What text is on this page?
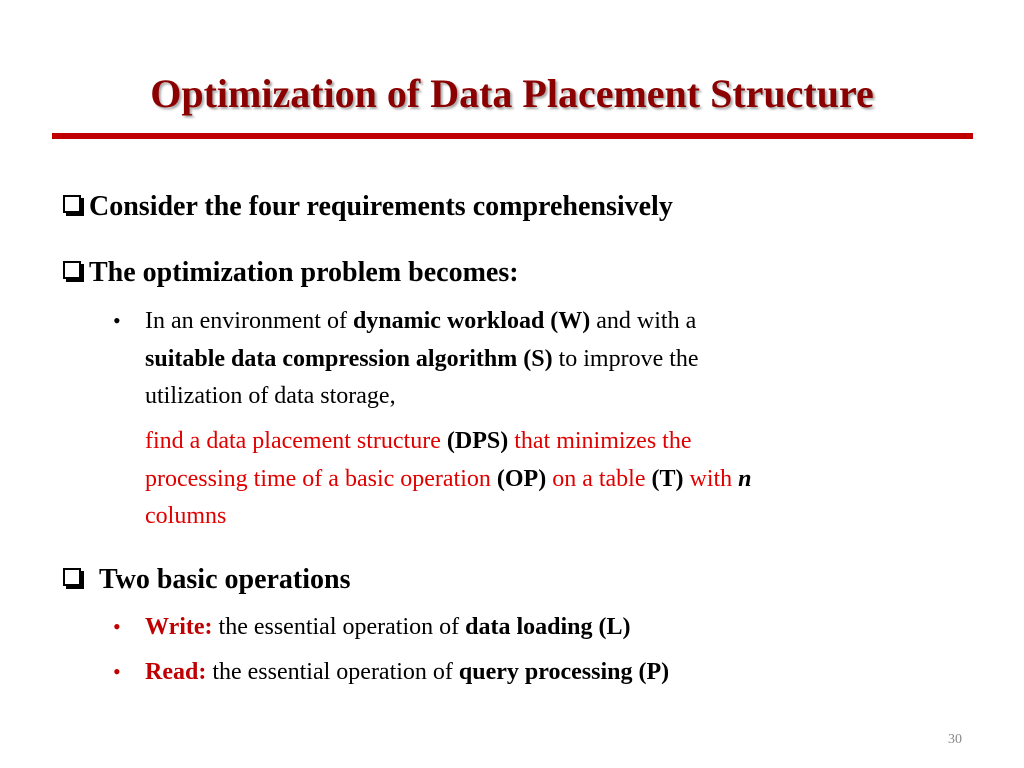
Optimization of Data Placement Structure
Consider the four requirements comprehensively
The optimization problem becomes:
• In an environment of dynamic workload (W) and with a
suitable data compression algorithm (S) to improve the
utilization of data storage,
find a data placement structure (DPS) that minimizes the
processing time of a basic operation (OP) on a table (T) with n
columns
Two basic operations
• Write: the essential operation of data loading (L)
• Read: the essential operation of query processing (P)
30
